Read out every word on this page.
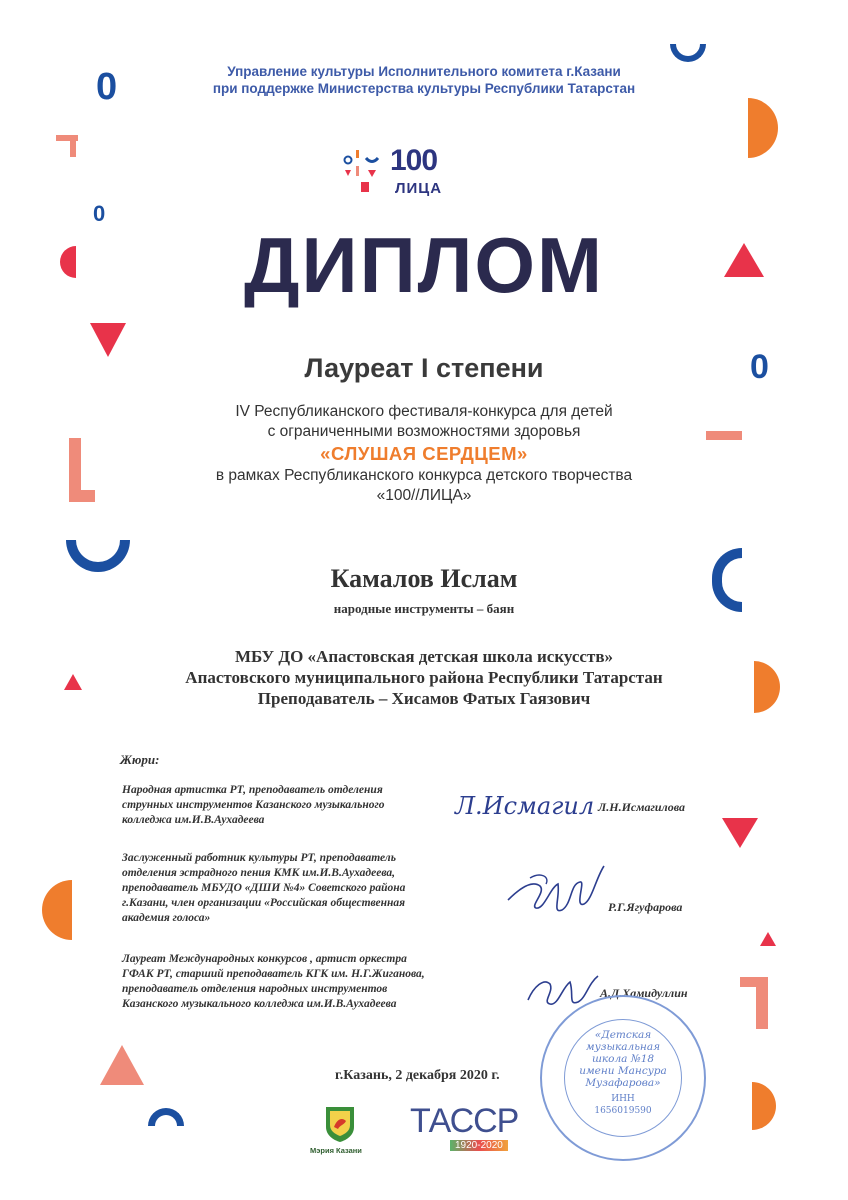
0
0
0
Управление культуры Исполнительного комитета г.Казани
при поддержке Министерства культуры Республики Татарстан
100
ЛИЦА
ДИПЛОМ
Лауреат I степени
IV Республиканского фестиваля-конкурса для детей
с ограниченными возможностями здоровья
«СЛУШАЯ СЕРДЦЕМ»
в рамках Республиканского конкурса детского творчества
«100//ЛИЦА»
Камалов Ислам
народные инструменты – баян
МБУ ДО «Апастовская детская школа искусств»
Апастовского муниципального района Республики Татарстан
Преподаватель – Хисамов Фатых Гаязович
Жюри:
Народная артистка РТ, преподаватель отделения
струнных инструментов Казанского музыкального
колледжа им.И.В.Аухадеева	Л.Исмагил Л.Н.Исмагилова
Заслуженный работник культуры РТ, преподаватель
отделения эстрадного пения КМК им.И.В.Аухадеева,
преподаватель МБУДО «ДШИ №4» Советского района
г.Казани, член организации «Российская общественная
академия голоса»
Р.Г.Ягуфарова
Лауреат Международных конкурсов , артист оркестра
ГФАК РТ, старший преподаватель КГК им. Н.Г.Жиганова,
преподаватель отделения народных инструментов
Казанского музыкального колледжа им.И.В.Аухадеева
А.Д.Хамидуллин
«Детская
музыкальная
школа №18
имени Мансура
Музафарова»
ИНН
1656019590
г.Казань, 2 декабря 2020 г.
Мэрия Казани
ТАССР
1920-2020
